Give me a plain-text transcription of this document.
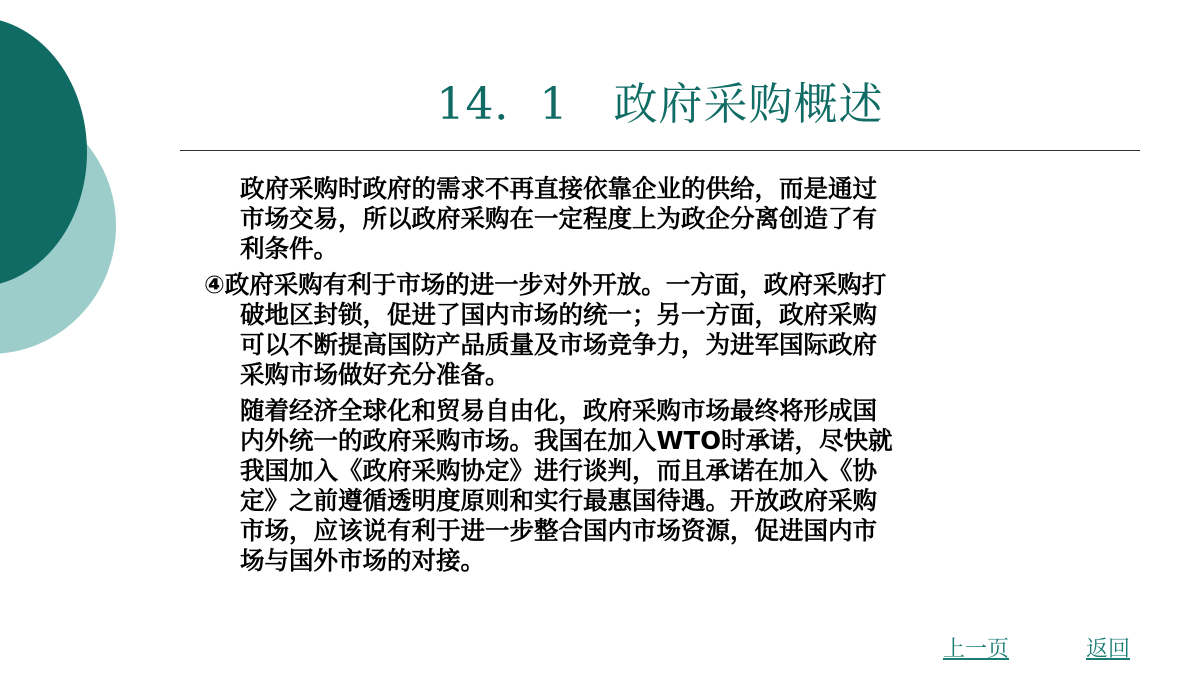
14．1　政府采购概述

政府采购时政府的需求不再直接依靠企业的供给，而是通过
市场交易，所以政府采购在一定程度上为政企分离创造了有
利条件。

④政府采购有利于市场的进一步对外开放。一方面，政府采购打
破地区封锁，促进了国内市场的统一；另一方面，政府采购
可以不断提高国防产品质量及市场竞争力，为进军国际政府
采购市场做好充分准备。

随着经济全球化和贸易自由化，政府采购市场最终将形成国
内外统一的政府采购市场。我国在加入WTO时承诺，尽快就
我国加入《政府采购协定》进行谈判，而且承诺在加入《协
定》之前遵循透明度原则和实行最惠国待遇。开放政府采购
市场，应该说有利于进一步整合国内市场资源，促进国内市
场与国外市场的对接。

上一页	返回
